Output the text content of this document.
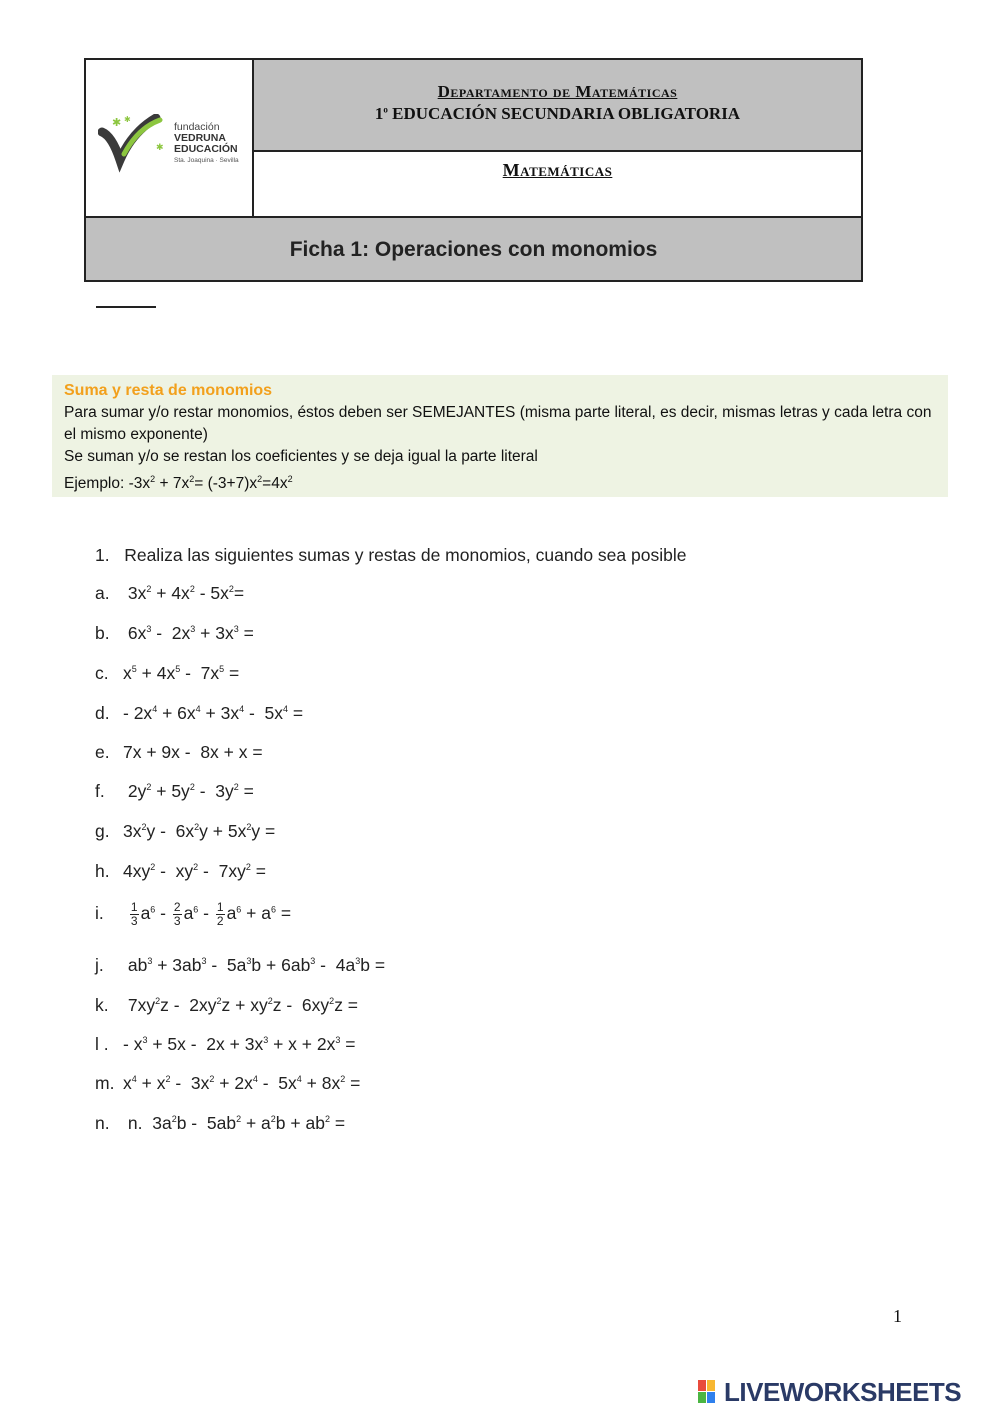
✱ ✱
✱
fundación
VEDRUNA
EDUCACIÓN
Sta. Joaquina · Sevilla
Departamento de Matemáticas
1$^o$ EDUCACIÓN SECUNDARIA OBLIGATORIA
Matemáticas
Ficha 1: Operaciones con monomios
Suma y resta de monomios
Para sumar y/o restar monomios, éstos deben ser SEMEJANTES (misma parte literal, es decir, mismas letras y cada letra con el mismo exponente)
Se suman y/o se restan los coeficientes y se deja igual la parte literal
Ejemplo: $-3x^2 + 7x^2= (-3+7)x^2=4x^2$
1. Realiza las siguientes sumas y restas de monomios, cuando sea posible
a. $3x^2 + 4x^2 - 5x^2=$
b. $6x^3 - 2x^3 + 3x^3$ =
c. $x^5 + 4x^5 - 7x^5$ =
d. - $2x^4 + 6x^4 + 3x^4 - 5x^4$ =
e. 7x + 9x -  8x + x =
f. $2y^2 + 5y^2 - 3y^2$ =
g. $3x^2y - 6x^2y + 5x^2y$ =
h. $4xy^2 - xy^2 - 7xy^2$ =
i. $\frac{1}{3} a^6 - \frac{2}{3} a^6 - \frac{1}{2} a^6 + a^6$ =
j. $ab^3 + 3ab^3 - 5a^3b + 6ab^3 - 4a^3b$ =
k. $7xy^2z - 2xy^2z + xy^2z - 6xy^2z$ =
l . - $x^3 + 5x - 2x + 3x^3 + x + 2x^3$ =
m. $x^4 + x^2 - 3x^2 + 2x^4 - 5x^4 + 8x^2$ =
n. n.  $3a^2b - 5ab^2 + a^2b + ab^2$ =
1
LIVEWORKSHEETS
